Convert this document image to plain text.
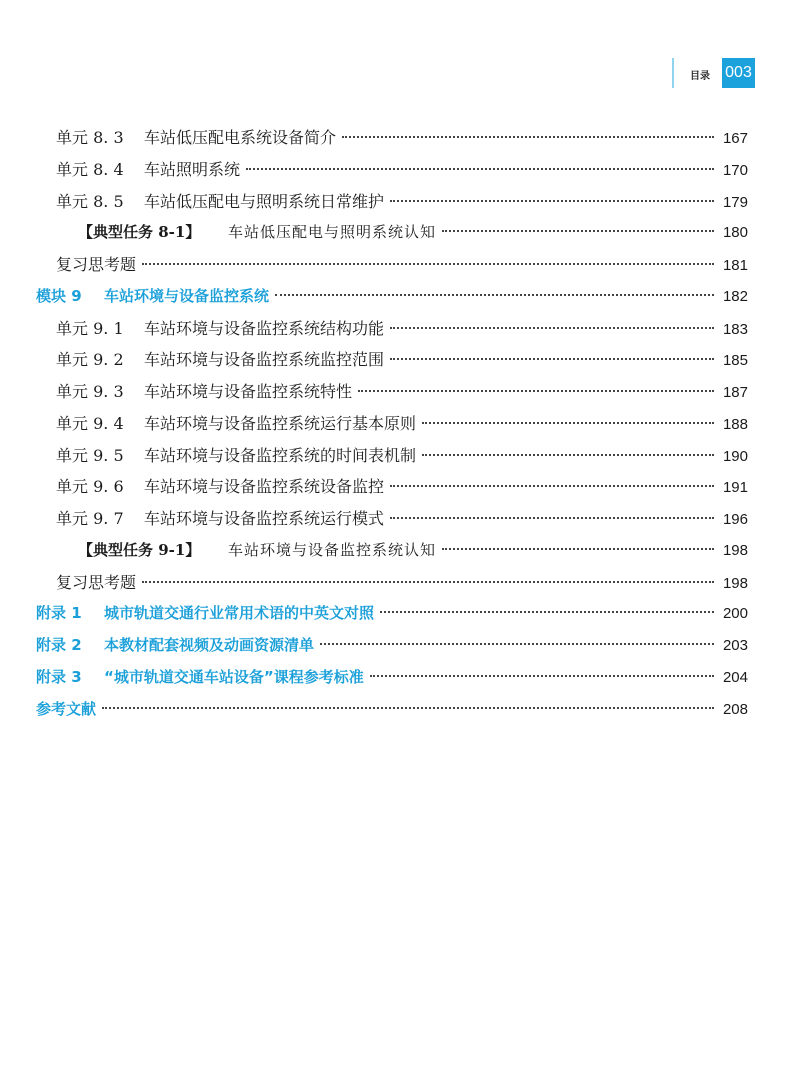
目录 003
单元 8. 3	车站低压配电系统设备简介	167
单元 8. 4	车站照明系统	170
单元 8. 5	车站低压配电与照明系统日常维护	179
【典型任务 8-1】	车站低压配电与照明系统认知	180
复习思考题	181
模块 9	车站环境与设备监控系统	182
单元 9. 1	车站环境与设备监控系统结构功能	183
单元 9. 2	车站环境与设备监控系统监控范围	185
单元 9. 3	车站环境与设备监控系统特性	187
单元 9. 4	车站环境与设备监控系统运行基本原则	188
单元 9. 5	车站环境与设备监控系统的时间表机制	190
单元 9. 6	车站环境与设备监控系统设备监控	191
单元 9. 7	车站环境与设备监控系统运行模式	196
【典型任务 9-1】	车站环境与设备监控系统认知	198
复习思考题	198
附录 1	城市轨道交通行业常用术语的中英文对照	200
附录 2	本教材配套视频及动画资源清单	203
附录 3	“城市轨道交通车站设备”课程参考标准	204
参考文献	208
